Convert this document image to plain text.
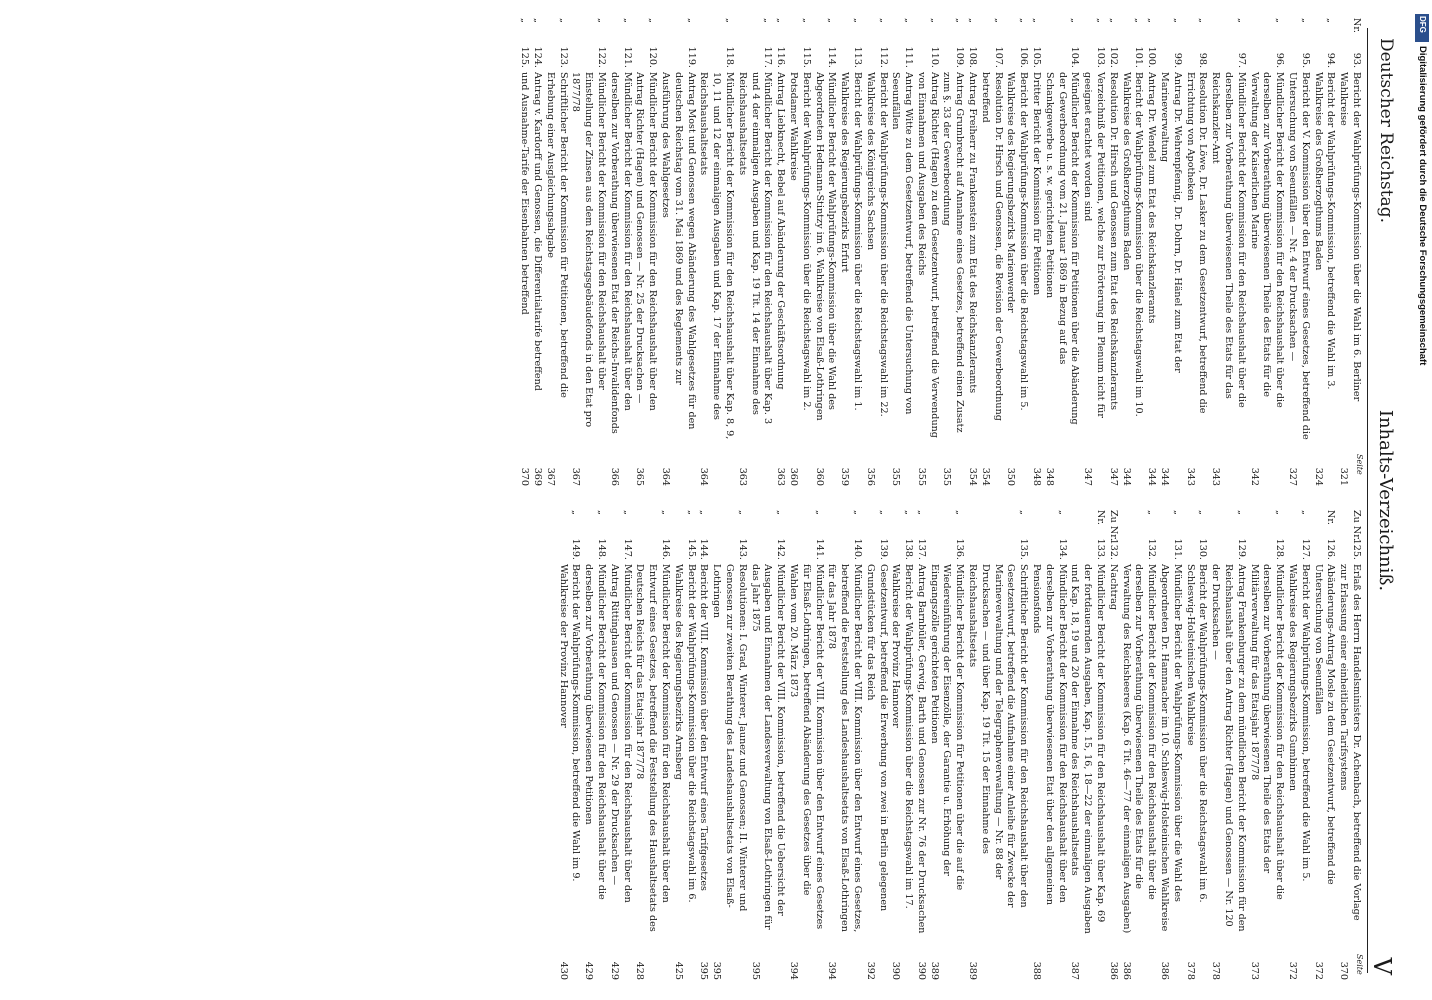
Deutscher Reichstag.
Inhalts-Verzeichniß.
V
Seite
Seite
Nr.
93.
Bericht der Wahlprüfungs-Kommission über die Wahl im 6. Berliner Wahlkreise
321
„
94.
Bericht der Wahlprüfungs-Kommission, betreffend die Wahl im 3. Wahlkreise des Großherzogthums Baden
324
„
95.
Bericht der V. Kommission über den Entwurf eines Gesetzes, betreffend die Untersuchung von Seeunfällen — Nr. 4 der Drucksachen —
327
„
96.
Mündlicher Bericht der Kommission für den Reichshaushalt über die derselben zur Vorberathung überwiesenen Theile des Etats für die Verwaltung der Kaiserlichen Marine
342
„
97.
Mündlicher Bericht der Kommission für den Reichshaushalt über die derselben zur Vorberathung überwiesenen Theile des Etats für das Reichskanzler-Amt
343
„
98.
Resolution Dr. Löwe, Dr. Lasker zu dem Gesetzentwurf, betreffend die Errichtung von Apotheken
343
„
99.
Antrag Dr. Wehrenpfennig, Dr. Dohrn, Dr. Hänel zum Etat der Marineverwaltung
344
„
100.
Antrag Dr. Wendel zum Etat des Reichskanzleramts
344
„
101.
Bericht der Wahlprüfungs-Kommission über die Reichstagswahl im 10. Wahlkreise des Großherzogthums Baden
344
„
102.
Resolution Dr. Hirsch und Genossen zum Etat des Reichskanzleramts
347
„
103.
Verzeichniß der Petitionen, welche zur Erörterung im Plenum nicht für geeignet erachtet worden sind
347
„
104.
Mündlicher Bericht der Kommission für Petitionen über die Abänderung der Gewerbeordnung vom 21. Januar 1869 in Bezug auf das Schankgewerbe u. s. w. gerichteten Petitionen
348
„
105.
Dritter Bericht der Kommission für Petitionen
348
„
106.
Bericht der Wahlprüfungs-Kommission über die Reichstagswahl im 5. Wahlkreise des Regierungsbezirks Marienwerder
350
„
107.
Resolution Dr. Hirsch und Genossen, die Revision der Gewerbeordnung betreffend
354
„
108.
Antrag Freiherr zu Frankenstein zum Etat des Reichskanzleramts
354
„
109.
Antrag Grumbrecht auf Annahme eines Gesetzes, betreffend einen Zusatz zum §. 33 der Gewerbeordnung
355
„
110.
Antrag Richter (Hagen) zu dem Gesetzentwurf, betreffend die Verwendung von Einnahmen und Ausgaben des Reichs
355
„
111.
Antrag Witte zu dem Gesetzentwurf, betreffend die Untersuchung von Seeunfällen
355
„
112.
Bericht der Wahlprüfungs-Kommission über die Reichstagswahl im 22. Wahlkreise des Königreichs Sachsen
356
„
113.
Bericht der Wahlprüfungs-Kommission über die Reichstagswahl im 1. Wahlkreise des Regierungsbezirks Erfurt
359
„
114.
Mündlicher Bericht der Wahlprüfungs-Kommission über die Wahl des Abgeordneten Hedmann-Stintzy im 6. Wahlkreise von Elsaß-Lothringen
360
„
115.
Bericht der Wahlprüfungs-Kommission über die Reichstagswahl im 2. Potsdamer Wahlkreise
360
„
116.
Antrag Liebknecht, Bebel auf Abänderung der Geschäftsordnung
363
„
117.
Mündlicher Bericht der Kommission für den Reichshaushalt über Kap. 3 und 4 der einmaligen Ausgaben und Kap. 19 Tit. 14 der Einnahme des Reichshaushaltsetats
363
„
118.
Mündlicher Bericht der Kommission für den Reichshaushalt über Kap. 8, 9, 10, 11 und 12 der einmaligen Ausgaben und Kap. 17 der Einnahme des Reichshaushaltsetats
364
„
119.
Antrag Most und Genossen wegen Abänderung des Wahlgesetzes für den deutschen Reichstag vom 31. Mai 1869 und des Reglements zur Ausführung des Wahlgesetzes
364
„
120.
Mündlicher Bericht der Kommission für den Reichshaushalt über den Antrag Richter (Hagen) und Genossen — Nr. 25 der Drucksachen —
365
„
121.
Mündlicher Bericht der Kommission für den Reichshaushalt über den derselben zur Vorberathung überwiesenen Etat der Reichs-Invalidenfonds
366
„
122.
Mündlicher Bericht der Kommission für den Reichshaushalt über Einstellung der Zinsen aus dem Reichstagsgebäudefonds in den Etat pro 1877/78
367
„
123.
Schriftlicher Bericht der Kommission für Petitionen, betreffend die Erhebung einer Ausgleichungsabgabe
367
„
124.
Antrag v. Kardorff und Genossen, die Differentialtarife betreffend
369
„
125.
und Ausnahme-Tarife der Eisenbahnen betreffend
370
Zu Nr.
125.
Erlaß des Herrn Handelsministers Dr. Achenbach, betreffend die Vorlage zur Erlassung einer einheitlichen Tarifsystems
370
Nr.
126.
Abänderungs-Antrag Mosle zu dem Gesetzentwurf, betreffend die Untersuchung von Seeunfällen
372
„
127.
Bericht der Wahlprüfungs-Kommission, betreffend die Wahl im 5. Wahlkreise des Regierungsbezirks Gumbinnen
372
„
128.
Mündlicher Bericht der Kommission für den Reichshaushalt über die derselben zur Vorberathung überwiesenen Theile des Etats der Militärverwaltung für das Etatsjahr 1877/78
373
„
129.
Antrag Frankenburger zu dem mündlichen Bericht der Kommission für den Reichshaushalt über den Antrag Richter (Hagen) und Genossen — Nr. 120 der Drucksachen —
378
„
130.
Bericht der Wahlprüfungs-Kommission über die Reichstagswahl im 6. Schleswig-Holsteinischen Wahlkreise
378
„
131.
Mündlicher Bericht der Wahlprüfungs-Kommission über die Wahl des Abgeordneten Dr. Hammacher im 10. Schleswig-Holsteinischen Wahlkreise
386
„
132.
Mündlicher Bericht der Kommission für den Reichshaushalt über die derselben zur Vorberathung überwiesenen Theile des Etats für die Verwaltung des Reichsheeres (Kap. 6 Tit. 46—77 der einmaligen Ausgaben)
386
Zu Nr.
132.
Nachtrag
386
Nr.
133.
Mündlicher Bericht der Kommission für den Reichshaushalt über Kap. 69 der fortdauernden Ausgaben, Kap. 15, 16, 18—22 der einmaligen Ausgaben und Kap. 18, 19 und 20 der Einnahme des Reichshaushaltsetats
387
„
134.
Mündlicher Bericht der Kommission für den Reichshaushalt über den derselben zur Vorberathung überwiesenen Etat über den allgemeinen Pensionsfonds
388
„
135.
Schriftlicher Bericht der Kommission für den Reichshaushalt über den Gesetzentwurf, betreffend die Aufnahme einer Anleihe für Zwecke der Marineverwaltung und der Telegraphenverwaltung — Nr. 88 der Drucksachen — und über Kap. 19 Tit. 15 der Einnahme des Reichshaushaltsetats
389
„
136.
Mündlicher Bericht der Kommission für Petitionen über die auf die Wiedereinführung der Eisenzölle, der Garantie u. Erhöhung der Eingangszölle gerichteten Petitionen
389
„
137.
Antrag Barnbüler, Gerwig, Barth und Genossen zur Nr. 76 der Drucksachen
390
„
138.
Bericht der Wahlprüfungs-Kommission über die Reichstagswahl im 17. Wahlkreise der Provinz Hannover
390
„
139.
Gesetzentwurf, betreffend die Erwerbung von zwei in Berlin gelegenen Grundstücken für das Reich
392
„
140.
Mündlicher Bericht der VIII. Kommission über den Entwurf eines Gesetzes, betreffend die Feststellung des Landeshaushaltsetats von Elsaß-Lothringen für das Jahr 1878
394
„
141.
Mündlicher Bericht der VIII. Kommission über den Entwurf eines Gesetzes für Elsaß-Lothringen, betreffend Abänderung des Gesetzes über die Wahlen vom 20. März 1873
394
„
142.
Mündlicher Bericht der VIII. Kommission, betreffend die Uebersicht der Ausgaben und Einnahmen der Landesverwaltung von Elsaß-Lothringen für das Jahr 1875
395
„
143.
Resolutionen: I. Grad, Winterer, Jaunez und Genossen; II. Winterer und Genossen zur zweiten Berathung des Landeshaushaltsetats von Elsaß-Lothringen
395
„
144.
Bericht der VIII. Kommission über den Entwurf eines Tarifgesetzes
395
„
145.
Bericht der Wahlprüfungs-Kommission über die Reichstagswahl im 6. Wahlkreise des Regierungsbezirks Arnsberg
425
„
146.
Mündlicher Bericht der Kommission für den Reichshaushalt über den Entwurf eines Gesetzes, betreffend die Feststellung des Haushaltsetats des Deutschen Reichs für das Etatsjahr 1877/78
428
„
147.
Mündlicher Bericht der Kommission für den Reichshaushalt über den Antrag Rittinghausen und Genossen — Nr. 29 der Drucksachen —
429
„
148.
Mündlicher Bericht der Kommission für den Reichshaushalt über die derselben zur Vorberathung überwiesenen Petitionen
429
„
149.
Bericht der Wahlprüfungs-Kommission, betreffend die Wahl im 9. Wahlkreise der Provinz Hannover
430
DFG
Digitalisierung gefördert durch die Deutsche Forschungsgemeinschaft
